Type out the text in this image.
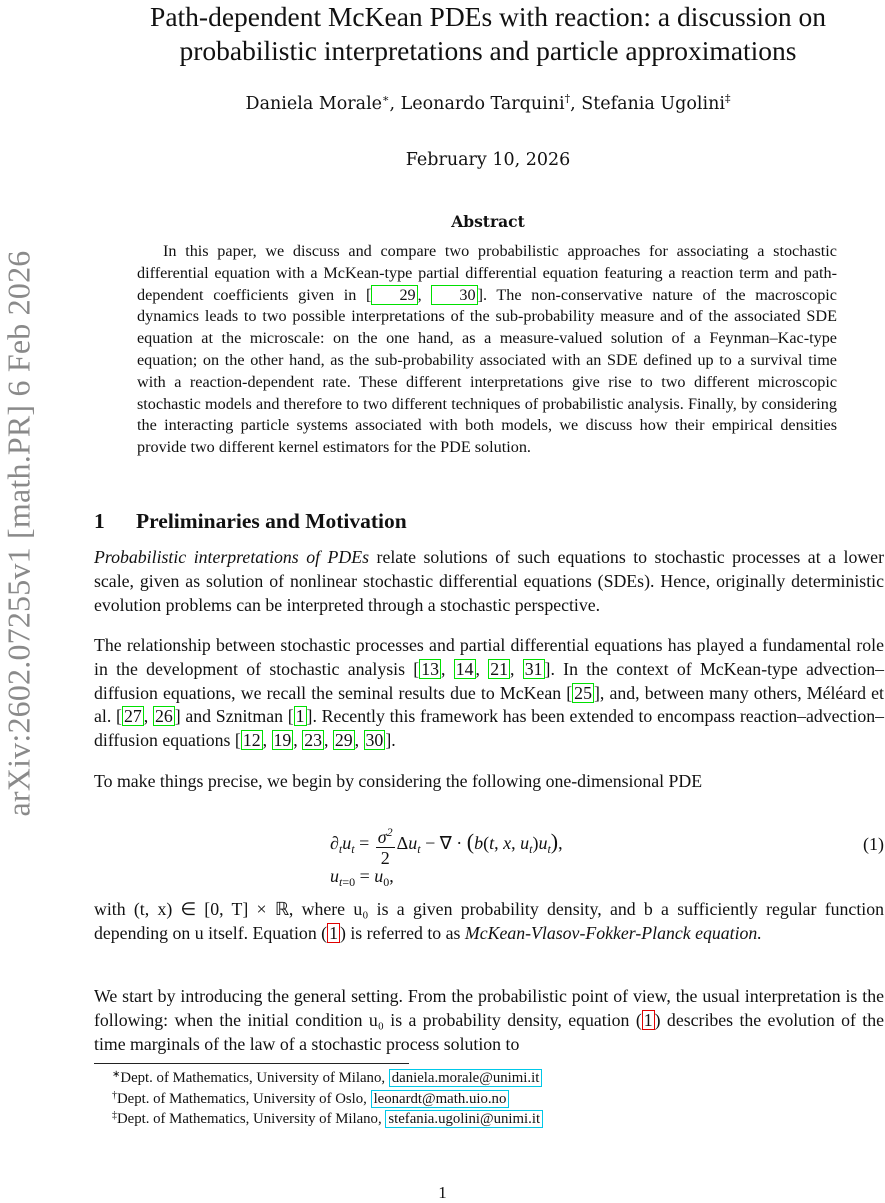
arXiv:2602.07255v1 [math.PR] 6 Feb 2026
Path-dependent McKean PDEs with reaction: a discussion on
probabilistic interpretations and particle approximations
Daniela Morale∗, Leonardo Tarquini†, Stefania Ugolini‡
February 10, 2026
Abstract
In this paper, we discuss and compare two probabilistic approaches for associating a stochastic differential equation with a McKean-type partial differential equation featuring a reaction term and path-dependent coefficients given in [ 29 , 30 ]. The non-conservative nature of the macroscopic dynamics leads to two possible interpretations of the sub-probability measure and of the associated SDE equation at the microscale: on the one hand, as a measure-valued solution of a Feynman–Kac-type equation; on the other hand, as the sub-probability associated with an SDE defined up to a survival time with a reaction-dependent rate. These different interpretations give rise to two different microscopic stochastic models and therefore to two different techniques of probabilistic analysis. Finally, by considering the interacting particle systems associated with both models, we discuss how their empirical densities provide two different kernel estimators for the PDE solution.
1 Preliminaries and Motivation
Probabilistic interpretations of PDEs relate solutions of such equations to stochastic processes at a lower scale, given as solution of nonlinear stochastic differential equations (SDEs). Hence, originally deterministic evolution problems can be interpreted through a stochastic perspective.
The relationship between stochastic processes and partial differential equations has played a fundamental role in the development of stochastic analysis [ 13 , 14 , 21 , 31 ]. In the context of McKean-type advection–diffusion equations, we recall the seminal results due to McKean [ 25 ], and, between many others, Méléard et al. [ 27 , 26 ] and Sznitman [ 1 ]. Recently this framework has been extended to encompass reaction–advection–diffusion equations [ 12 , 19 , 23 , 29 , 30 ].
To make things precise, we begin by considering the following one-dimensional PDE
$\partial_tu_t = \frac{\sigma^2}{2} \Delta u_t$ − ∇ · (b(t, x, $u_t)u_t$),
$u_{t=0} = u_0$,
(1)
with (t, x) ∈ [0, T] × ℝ, where u₀ is a given probability density, and b a sufficiently regular function depending on u itself. Equation ( 1 ) is referred to as McKean-Vlasov-Fokker-Planck equation.
We start by introducing the general setting. From the probabilistic point of view, the usual interpretation is the following: when the initial condition u₀ is a probability density, equation ( 1 ) describes the evolution of the time marginals of the law of a stochastic process solution to
∗Dept. of Mathematics, University of Milano, daniela.morale@unimi.it
†Dept. of Mathematics, University of Oslo, leonardt@math.uio.no
‡Dept. of Mathematics, University of Milano, stefania.ugolini@unimi.it
1
